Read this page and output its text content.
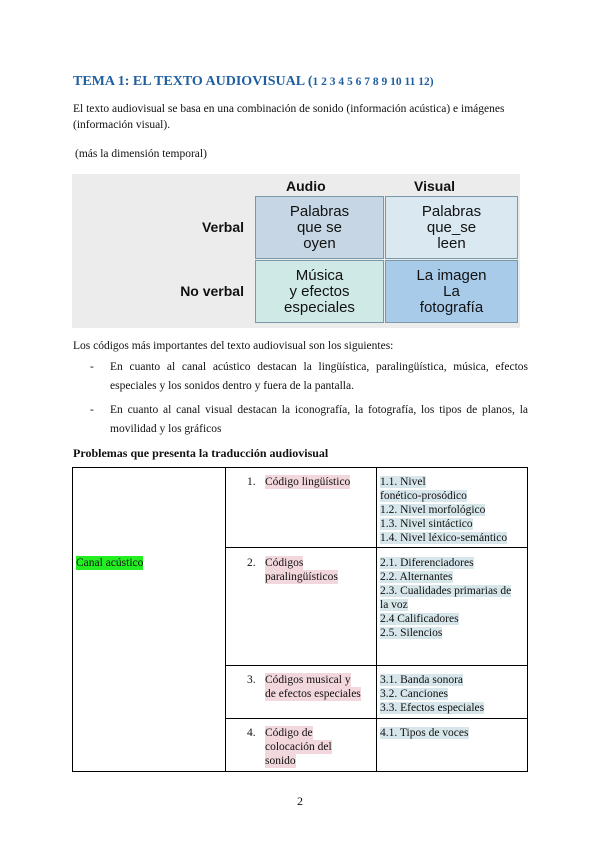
TEMA 1: EL TEXTO AUDIOVISUAL (1 2 3 4 5 6 7 8 9 10 11 12)
El texto audiovisual se basa en una combinación de sonido (información acústica) e imágenes (información visual).
(más la dimensión temporal)
Audio	Visual
Verbal
No verbal
Palabras
que se
oyen
Palabras
que_se
leen
Música
y efectos
especiales
La imagen
La
fotografía
Los códigos más importantes del texto audiovisual son los siguientes:
- En cuanto al canal acústico destacan la lingüística, paralingüística, música, efectos especiales y los sonidos dentro y fuera de la pantalla.
- En cuanto al canal visual destacan la iconografía, la fotografía, los tipos de planos, la movilidad y los gráficos
Problemas que presenta la traducción audiovisual
1. Código lingüístico	1.1. Nivel
fonético-prosódico
1.2. Nivel morfológico
1.3. Nivel sintáctico
1.4. Nivel léxico-semántico
2. Códigos
paralingüísticos
2.1. Diferenciadores
2.2. Alternantes
2.3. Cualidades primarias de
la voz
2.4 Calificadores
2.5. Silencios
3. Códigos musical y
de efectos especiales
3.1. Banda sonora
3.2. Canciones
3.3. Efectos especiales
4. Código de
colocación del
sonido
4.1. Tipos de voces
Canal acústico
2
